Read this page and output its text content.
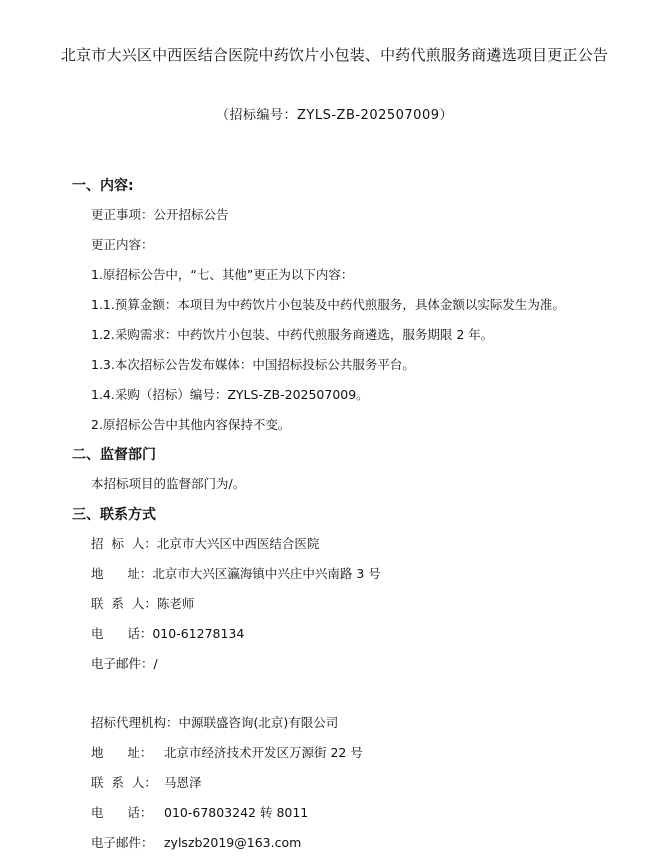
北京市大兴区中西医结合医院中药饮片小包装、中药代煎服务商遴选项目更正公告
（招标编号：ZYLS-ZB-202507009）
一、内容:
更正事项：公开招标公告
更正内容：
1.原招标公告中，“七、其他”更正为以下内容：
1.1.预算金额：本项目为中药饮片小包装及中药代煎服务，具体金额以实际发生为准。
1.2.采购需求：中药饮片小包装、中药代煎服务商遴选，服务期限 2 年。
1.3.本次招标公告发布媒体：中国招标投标公共服务平台。
1.4.采购（招标）编号：ZYLS-ZB-202507009。
2.原招标公告中其他内容保持不变。
二、监督部门
本招标项目的监督部门为/。
三、联系方式
招  标  人：北京市大兴区中西医结合医院
地      址：北京市大兴区瀛海镇中兴庄中兴南路 3 号
联  系  人：陈老师
电      话：010-61278134
电子邮件：/
招标代理机构：中源联盛咨询(北京)有限公司
地      址： 北京市经济技术开发区万源街 22 号
联  系  人： 马恩泽
电      话： 010-67803242 转 8011
电子邮件： zylszb2019@163.com
